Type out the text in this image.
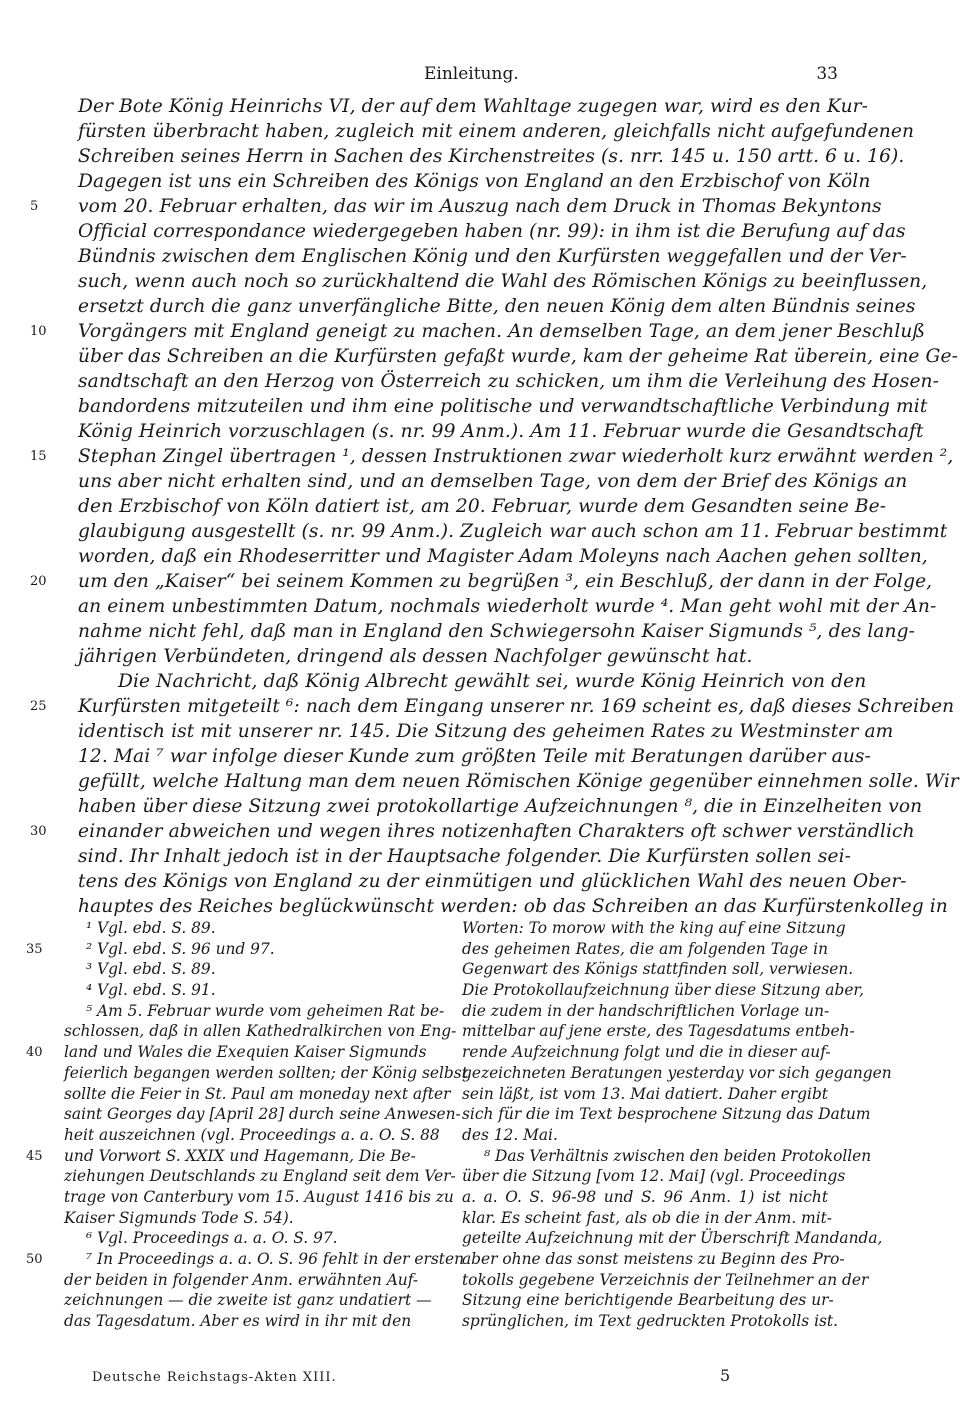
Einleitung.	33
Der Bote König Heinrichs VI, der auf dem Wahltage zugegen war, wird es den Kur-
fürsten überbracht haben, zugleich mit einem anderen, gleichfalls nicht aufgefundenen
Schreiben seines Herrn in Sachen des Kirchenstreites (s. nrr. 145 u. 150 artt. 6 u. 16).
Dagegen ist uns ein Schreiben des Königs von England an den Erzbischof von Köln
vom 20. Februar erhalten, das wir im Auszug nach dem Druck in Thomas Bekyntons
Official correspondance wiedergegeben haben (nr. 99): in ihm ist die Berufung auf das
Bündnis zwischen dem Englischen König und den Kurfürsten weggefallen und der Ver-
such, wenn auch noch so zurückhaltend die Wahl des Römischen Königs zu beeinflussen,
ersetzt durch die ganz unverfängliche Bitte, den neuen König dem alten Bündnis seines
Vorgängers mit England geneigt zu machen. An demselben Tage, an dem jener Beschluß
über das Schreiben an die Kurfürsten gefaßt wurde, kam der geheime Rat überein, eine Ge-
sandtschaft an den Herzog von Österreich zu schicken, um ihm die Verleihung des Hosen-
bandordens mitzuteilen und ihm eine politische und verwandtschaftliche Verbindung mit
König Heinrich vorzuschlagen (s. nr. 99 Anm.). Am 11. Februar wurde die Gesandtschaft
Stephan Zingel übertragen ¹, dessen Instruktionen zwar wiederholt kurz erwähnt werden ²,
uns aber nicht erhalten sind, und an demselben Tage, von dem der Brief des Königs an
den Erzbischof von Köln datiert ist, am 20. Februar, wurde dem Gesandten seine Be-
glaubigung ausgestellt (s. nr. 99 Anm.). Zugleich war auch schon am 11. Februar bestimmt
worden, daß ein Rhodeserritter und Magister Adam Moleyns nach Aachen gehen sollten,
um den „Kaiser“ bei seinem Kommen zu begrüßen ³, ein Beschluß, der dann in der Folge,
an einem unbestimmten Datum, nochmals wiederholt wurde ⁴. Man geht wohl mit der An-
nahme nicht fehl, daß man in England den Schwiegersohn Kaiser Sigmunds ⁵, des lang-
jährigen Verbündeten, dringend als dessen Nachfolger gewünscht hat.
Die Nachricht, daß König Albrecht gewählt sei, wurde König Heinrich von den
Kurfürsten mitgeteilt ⁶: nach dem Eingang unserer nr. 169 scheint es, daß dieses Schreiben
identisch ist mit unserer nr. 145. Die Sitzung des geheimen Rates zu Westminster am
12. Mai ⁷ war infolge dieser Kunde zum größten Teile mit Beratungen darüber aus-
gefüllt, welche Haltung man dem neuen Römischen Könige gegenüber einnehmen solle. Wir
haben über diese Sitzung zwei protokollartige Aufzeichnungen ⁸, die in Einzelheiten von
einander abweichen und wegen ihres notizenhaften Charakters oft schwer verständlich
sind. Ihr Inhalt jedoch ist in der Hauptsache folgender. Die Kurfürsten sollen sei-
tens des Königs von England zu der einmütigen und glücklichen Wahl des neuen Ober-
hauptes des Reiches beglückwünscht werden: ob das Schreiben an das Kurfürstenkolleg in
5
10
15
20
25
30
¹ Vgl. ebd. S. 89.
² Vgl. ebd. S. 96 und 97.
³ Vgl. ebd. S. 89.
⁴ Vgl. ebd. S. 91.
⁵ Am 5. Februar wurde vom geheimen Rat be-
schlossen, daß in allen Kathedralkirchen von Eng-
land und Wales die Exequien Kaiser Sigmunds
feierlich begangen werden sollten; der König selbst
sollte die Feier in St. Paul am moneday next after
saint Georges day [April 28] durch seine Anwesen-
heit auszeichnen (vgl. Proceedings a. a. O. S. 88
und Vorwort S. XXIX und Hagemann, Die Be-
ziehungen Deutschlands zu England seit dem Ver-
trage von Canterbury vom 15. August 1416 bis zu
Kaiser Sigmunds Tode S. 54).
⁶ Vgl. Proceedings a. a. O. S. 97.
⁷ In Proceedings a. a. O. S. 96 fehlt in der ersten
der beiden in folgender Anm. erwähnten Auf-
zeichnungen — die zweite ist ganz undatiert —
das Tagesdatum. Aber es wird in ihr mit den
35
40
45
50
Worten: To morow with the king auf eine Sitzung
des geheimen Rates, die am folgenden Tage in
Gegenwart des Königs stattfinden soll, verwiesen.
Die Protokollaufzeichnung über diese Sitzung aber,
die zudem in der handschriftlichen Vorlage un-
mittelbar auf jene erste, des Tagesdatums entbeh-
rende Aufzeichnung folgt und die in dieser auf-
gezeichneten Beratungen yesterday vor sich gegangen
sein läßt, ist vom 13. Mai datiert. Daher ergibt
sich für die im Text besprochene Sitzung das Datum
des 12. Mai.
⁸ Das Verhältnis zwischen den beiden Protokollen
über die Sitzung [vom 12. Mai] (vgl. Proceedings
a. a. O. S. 96-98 und S. 96 Anm. 1) ist nicht
klar. Es scheint fast, als ob die in der Anm. mit-
geteilte Aufzeichnung mit der Überschrift Mandanda,
aber ohne das sonst meistens zu Beginn des Pro-
tokolls gegebene Verzeichnis der Teilnehmer an der
Sitzung eine berichtigende Bearbeitung des ur-
sprünglichen, im Text gedruckten Protokolls ist.
Deutsche Reichstags-Akten XIII.	5
